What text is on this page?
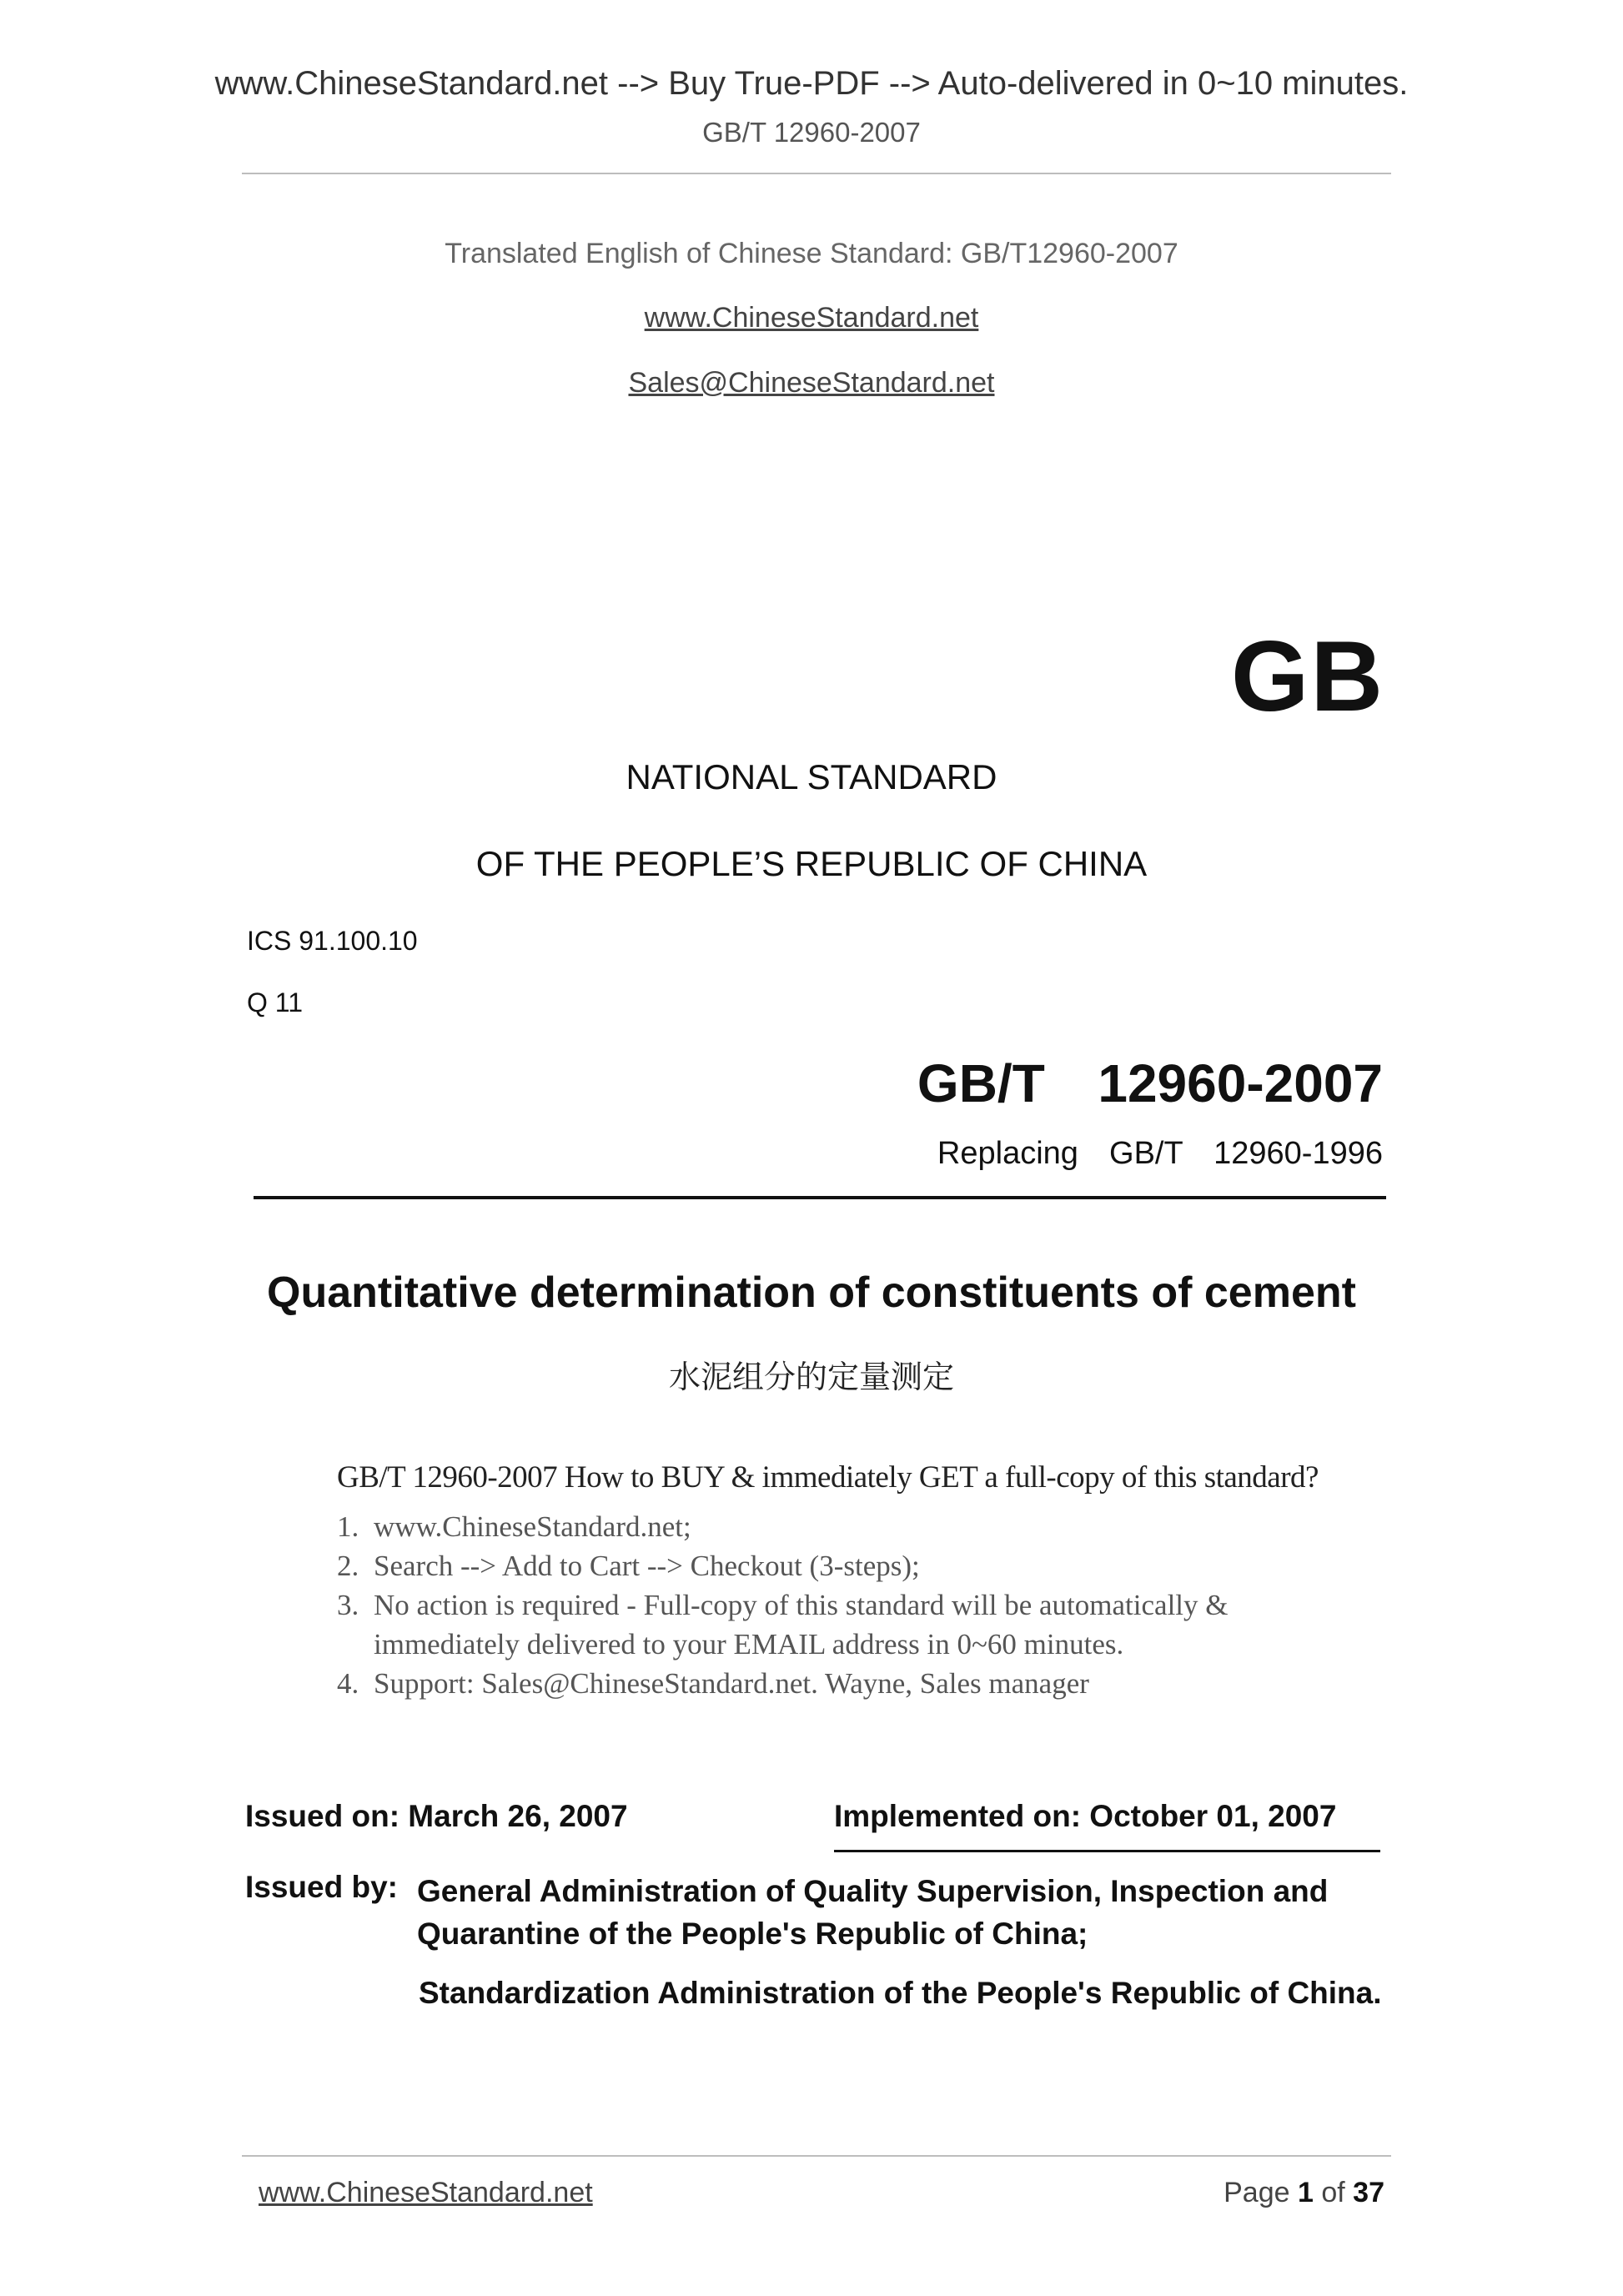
www.ChineseStandard.net --> Buy True-PDF --> Auto-delivered in 0~10 minutes.
GB/T 12960-2007
Translated English of Chinese Standard: GB/T12960-2007
www.ChineseStandard.net
Sales@ChineseStandard.net
GB
NATIONAL STANDARD
OF THE PEOPLE’S REPUBLIC OF CHINA
ICS 91.100.10
Q 11
GB/T  12960-2007
Replacing  GB/T  12960-1996
Quantitative determination of constituents of cement
水泥组分的定量测定
GB/T 12960-2007 How to BUY & immediately GET a full-copy of this standard?
1. www.ChineseStandard.net;
2. Search --> Add to Cart --> Checkout (3-steps);
3. No action is required - Full-copy of this standard will be automatically & immediately delivered to your EMAIL address in 0~60 minutes.
4. Support: Sales@ChineseStandard.net. Wayne, Sales manager
Issued on: March 26, 2007	Implemented on: October 01, 2007
Issued by: General Administration of Quality Supervision, Inspection and Quarantine of the People's Republic of China;
Standardization Administration of the People's Republic of China.
www.ChineseStandard.net	Page 1 of 37
